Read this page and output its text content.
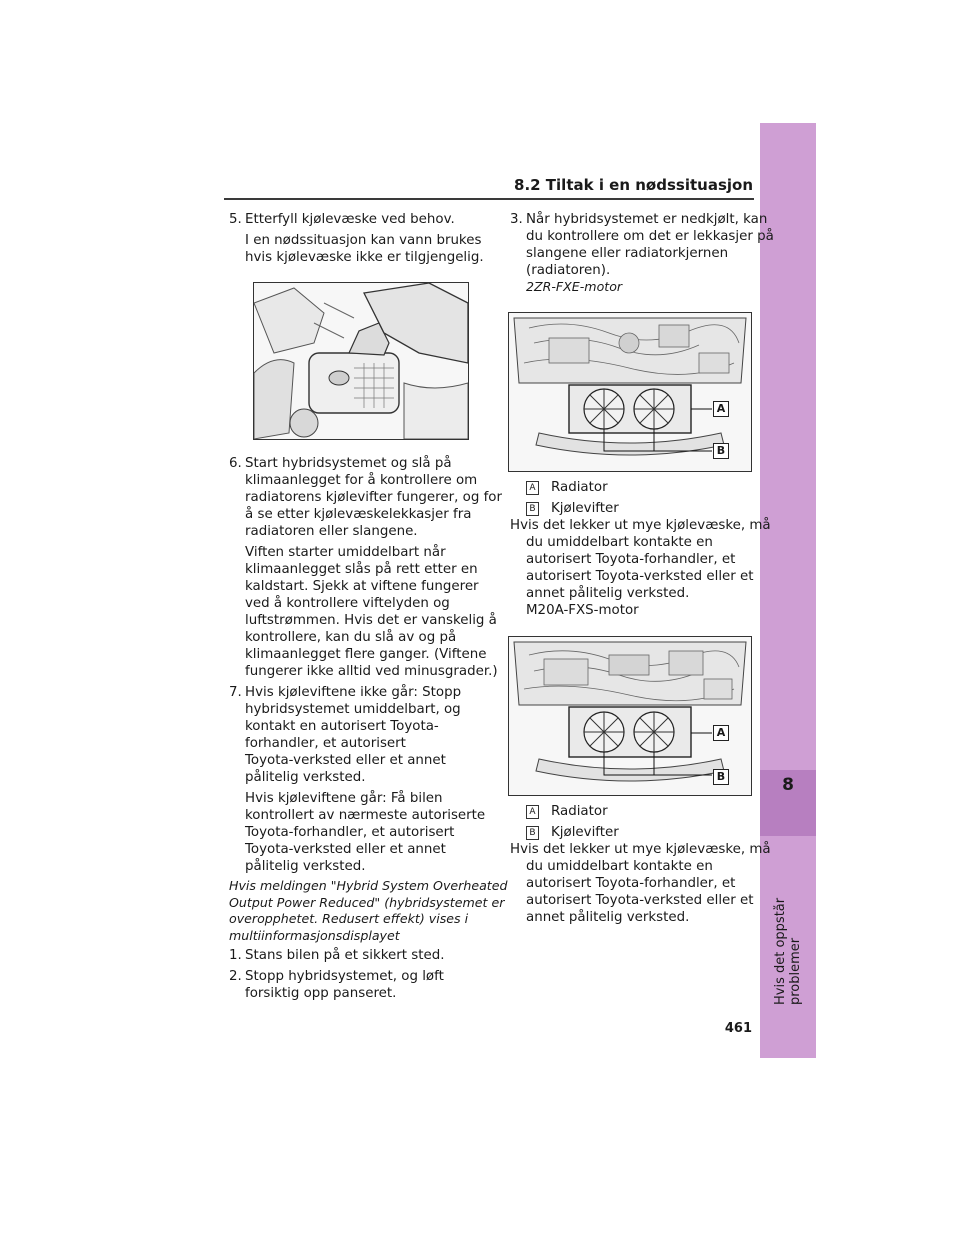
8.2 Tiltak i en nødssituasjon
8
Hvis det oppstår problemer
461
5. Etterfyll kjølevæske ved behov.
I en nødssituasjon kan vann brukes
hvis kjølevæske ikke er tilgjengelig.
6. Start hybridsystemet og slå på
klimaanlegget for å kontrollere om
radiatorens kjølevifter fungerer, og for
å se etter kjølevæskelekkasjer fra
radiatoren eller slangene.
Viften starter umiddelbart når
klimaanlegget slås på rett etter en
kaldstart. Sjekk at viftene fungerer
ved å kontrollere viftelyden og
luftstrømmen. Hvis det er vanskelig å
kontrollere, kan du slå av og på
klimaanlegget flere ganger. (Viftene
fungerer ikke alltid ved minusgrader.)
7. Hvis kjøleviftene ikke går: Stopp
hybridsystemet umiddelbart, og
kontakt en autorisert Toyota-
forhandler, et autorisert
Toyota-verksted eller et annet
pålitelig verksted.
Hvis kjøleviftene går: Få bilen
kontrollert av nærmeste autoriserte
Toyota-forhandler, et autorisert
Toyota-verksted eller et annet
pålitelig verksted.
Hvis meldingen "Hybrid System Overheated
Output Power Reduced" (hybridsystemet er
overopphetet. Redusert effekt) vises i
multiinformasjonsdisplayet
1. Stans bilen på et sikkert sted.
2. Stopp hybridsystemet, og løft
forsiktig opp panseret.
3. Når hybridsystemet er nedkjølt, kan
du kontrollere om det er lekkasjer på
slangene eller radiatorkjernen
(radiatoren).
2ZR-FXE-motor
A
B
A Radiator
B Kjølevifter
Hvis det lekker ut mye kjølevæske, må
du umiddelbart kontakte en
autorisert Toyota-forhandler, et
autorisert Toyota-verksted eller et
annet pålitelig verksted.
M20A-FXS-motor
A
B
A Radiator
B Kjølevifter
Hvis det lekker ut mye kjølevæske, må
du umiddelbart kontakte en
autorisert Toyota-forhandler, et
autorisert Toyota-verksted eller et
annet pålitelig verksted.
